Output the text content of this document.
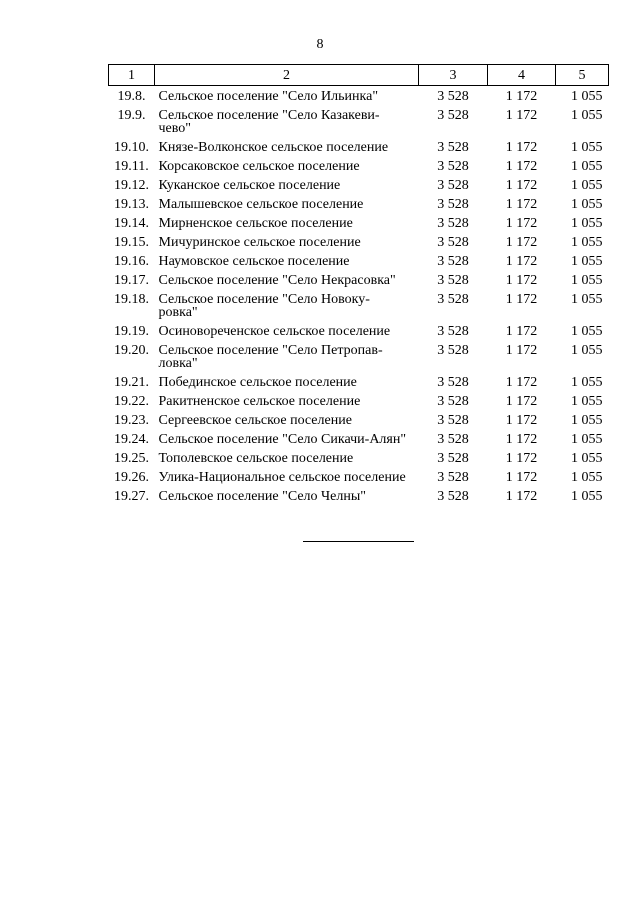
8
1	2	3	4	5
19.8.	Сельское поселение "Село Ильинка"	3 528	1 172	1 055
19.9.	Сельское поселение "Село Казакеви-
чево"	3 528	1 172	1 055
19.10.	Князе-Волконское сельское поселение	3 528	1 172	1 055
19.11.	Корсаковское сельское поселение	3 528	1 172	1 055
19.12.	Куканское сельское поселение	3 528	1 172	1 055
19.13.	Малышевское сельское поселение	3 528	1 172	1 055
19.14.	Мирненское сельское поселение	3 528	1 172	1 055
19.15.	Мичуринское сельское поселение	3 528	1 172	1 055
19.16.	Наумовское сельское поселение	3 528	1 172	1 055
19.17.	Сельское поселение "Село Некрасовка"	3 528	1 172	1 055
19.18.	Сельское поселение "Село Новоку-
ровка"	3 528	1 172	1 055
19.19.	Осиновореченское сельское поселение	3 528	1 172	1 055
19.20.	Сельское поселение "Село Петропав-
ловка"	3 528	1 172	1 055
19.21.	Побединское сельское поселение	3 528	1 172	1 055
19.22.	Ракитненское сельское поселение	3 528	1 172	1 055
19.23.	Сергеевское сельское поселение	3 528	1 172	1 055
19.24.	Сельское поселение "Село Сикачи-Алян"	3 528	1 172	1 055
19.25.	Тополевское сельское поселение	3 528	1 172	1 055
19.26.	Улика-Национальное сельское поселение	3 528	1 172	1 055
19.27.	Сельское поселение "Село Челны"	3 528	1 172	1 055
